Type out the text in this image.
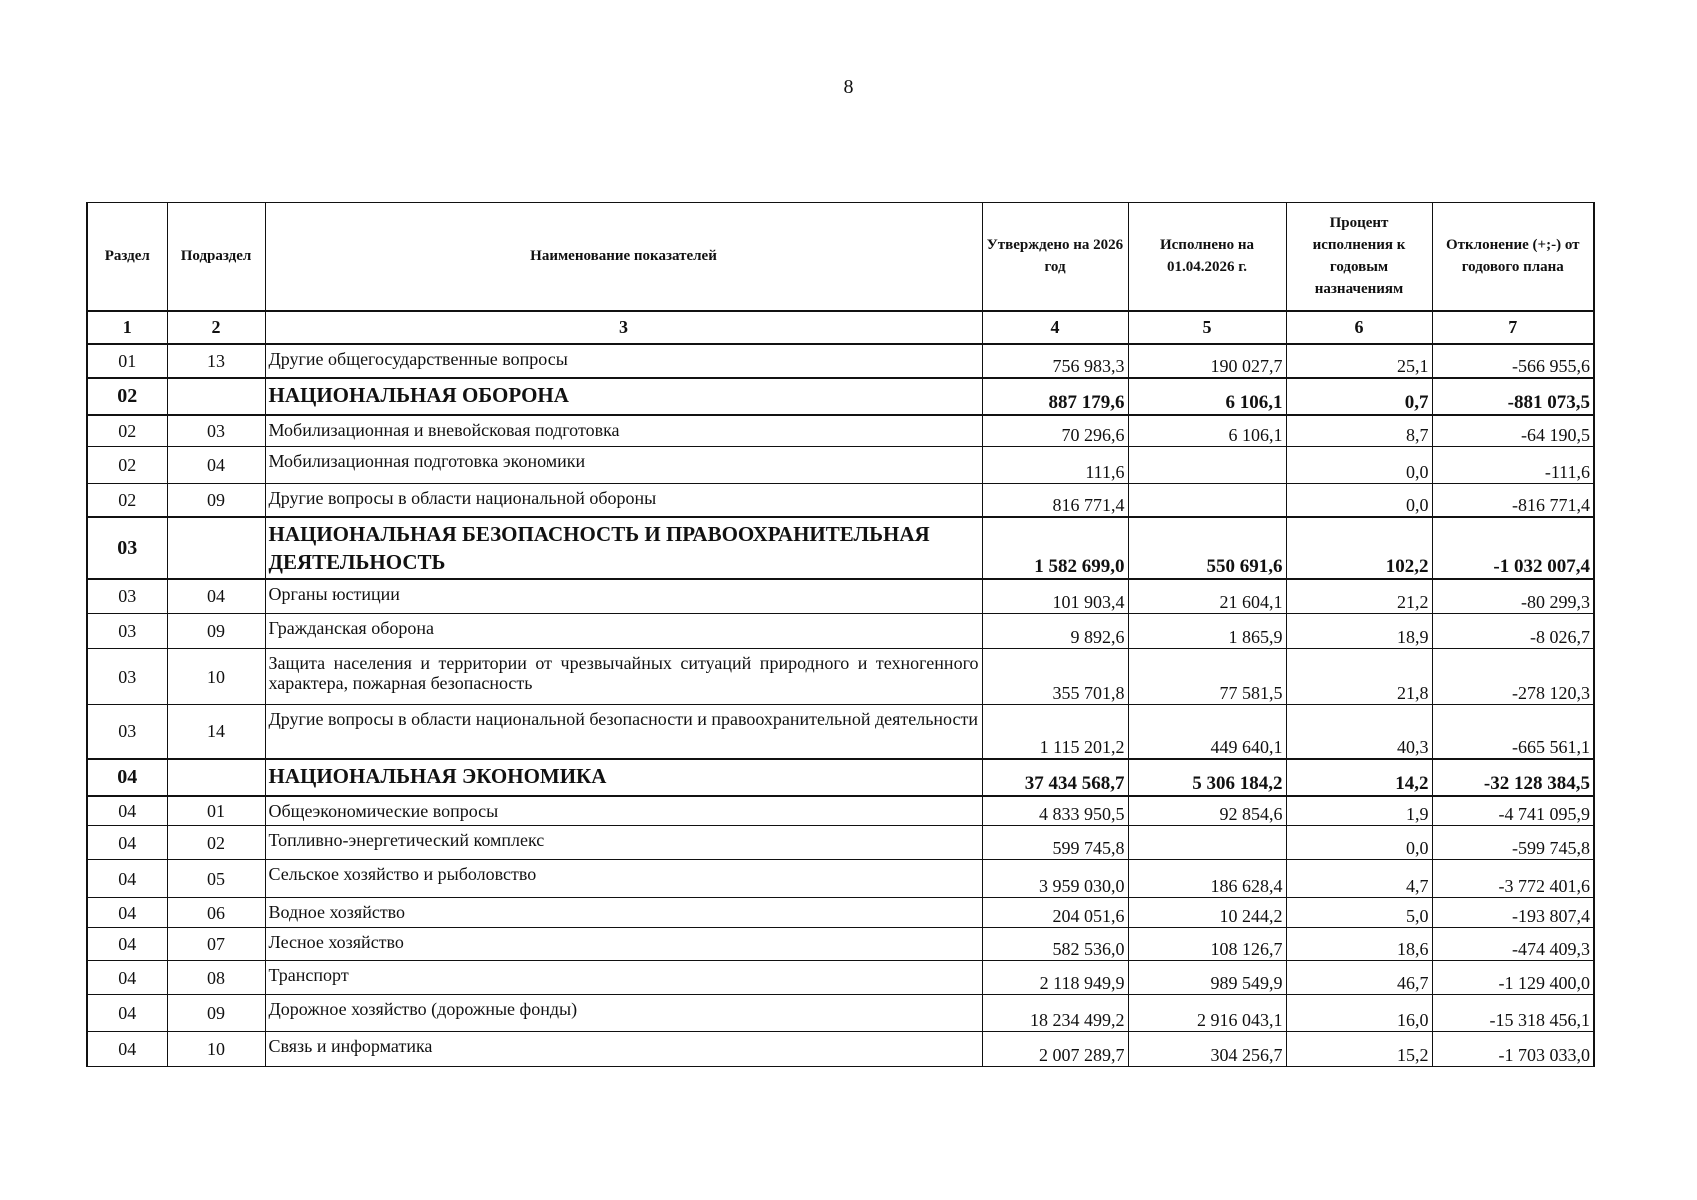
8
Раздел	Подраздел	Наименование показателей	Утверждено на 2026 год	Исполнено на 01.04.2026 г.	Процент исполнения к годовым назначениям	Отклонение (+;-) от годового плана
1	2	3	4	5	6	7
01	13	Другие общегосударственные вопросы	756 983,3	190 027,7	25,1	-566 955,6
02		НАЦИОНАЛЬНАЯ ОБОРОНА	887 179,6	6 106,1	0,7	-881 073,5
02	03	Мобилизационная и вневойсковая подготовка	70 296,6	6 106,1	8,7	-64 190,5
02	04	Мобилизационная подготовка экономики	111,6		0,0	-111,6
02	09	Другие вопросы в области национальной обороны	816 771,4		0,0	-816 771,4
03		НАЦИОНАЛЬНАЯ БЕЗОПАСНОСТЬ И ПРАВООХРАНИТЕЛЬНАЯ ДЕЯТЕЛЬНОСТЬ	1 582 699,0	550 691,6	102,2	-1 032 007,4
03	04	Органы юстиции	101 903,4	21 604,1	21,2	-80 299,3
03	09	Гражданская оборона	9 892,6	1 865,9	18,9	-8 026,7
03	10	Защита населения и территории от чрезвычайных ситуаций природного и техногенного характера, пожарная безопасность	355 701,8	77 581,5	21,8	-278 120,3
03	14	Другие вопросы в области национальной безопасности и правоохранительной деятельности	1 115 201,2	449 640,1	40,3	-665 561,1
04		НАЦИОНАЛЬНАЯ ЭКОНОМИКА	37 434 568,7	5 306 184,2	14,2	-32 128 384,5
04	01	Общеэкономические вопросы	4 833 950,5	92 854,6	1,9	-4 741 095,9
04	02	Топливно-энергетический комплекс	599 745,8		0,0	-599 745,8
04	05	Сельское хозяйство и рыболовство	3 959 030,0	186 628,4	4,7	-3 772 401,6
04	06	Водное хозяйство	204 051,6	10 244,2	5,0	-193 807,4
04	07	Лесное хозяйство	582 536,0	108 126,7	18,6	-474 409,3
04	08	Транспорт	2 118 949,9	989 549,9	46,7	-1 129 400,0
04	09	Дорожное хозяйство (дорожные фонды)	18 234 499,2	2 916 043,1	16,0	-15 318 456,1
04	10	Связь и информатика	2 007 289,7	304 256,7	15,2	-1 703 033,0
